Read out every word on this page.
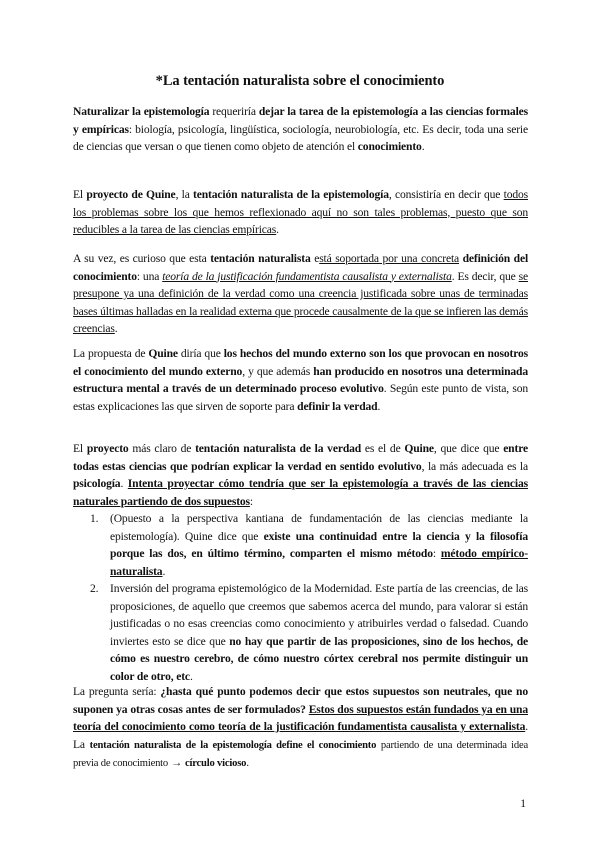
*La tentación naturalista sobre el conocimiento
Naturalizar la epistemología requeriría dejar la tarea de la epistemología a las ciencias formales y empíricas: biología, psicología, lingüística, sociología, neurobiología, etc. Es decir, toda una serie de ciencias que versan o que tienen como objeto de atención el conocimiento.
El proyecto de Quine, la tentación naturalista de la epistemología, consistiría en decir que todos los problemas sobre los que hemos reflexionado aquí no son tales problemas, puesto que son reducibles a la tarea de las ciencias empíricas.
A su vez, es curioso que esta tentación naturalista está soportada por una concreta definición del conocimiento: una teoría de la justificación fundamentista causalista y externalista. Es decir, que se presupone ya una definición de la verdad como una creencia justificada sobre unas de terminadas bases últimas halladas en la realidad externa que procede causalmente de la que se infieren las demás creencias.
La propuesta de Quine diría que los hechos del mundo externo son los que provocan en nosotros el conocimiento del mundo externo, y que además han producido en nosotros una determinada estructura mental a través de un determinado proceso evolutivo. Según este punto de vista, son estas explicaciones las que sirven de soporte para definir la verdad.
El proyecto más claro de tentación naturalista de la verdad es el de Quine, que dice que entre todas estas ciencias que podrían explicar la verdad en sentido evolutivo, la más adecuada es la psicología. Intenta proyectar cómo tendría que ser la epistemología a través de las ciencias naturales partiendo de dos supuestos:
1. (Opuesto a la perspectiva kantiana de fundamentación de las ciencias mediante la epistemología). Quine dice que existe una continuidad entre la ciencia y la filosofía porque las dos, en último término, comparten el mismo método: método empírico-naturalista.
2. Inversión del programa epistemológico de la Modernidad. Este partía de las creencias, de las proposiciones, de aquello que creemos que sabemos acerca del mundo, para valorar si están justificadas o no esas creencias como conocimiento y atribuirles verdad o falsedad. Cuando inviertes esto se dice que no hay que partir de las proposiciones, sino de los hechos, de cómo es nuestro cerebro, de cómo nuestro córtex cerebral nos permite distinguir un color de otro, etc.
La pregunta sería: ¿hasta qué punto podemos decir que estos supuestos son neutrales, que no suponen ya otras cosas antes de ser formulados? Estos dos supuestos están fundados ya en una teoría del conocimiento como teoría de la justificación fundamentista causalista y externalista. La tentación naturalista de la epistemología define el conocimiento partiendo de una determinada idea previa de conocimiento → círculo vicioso.
1
